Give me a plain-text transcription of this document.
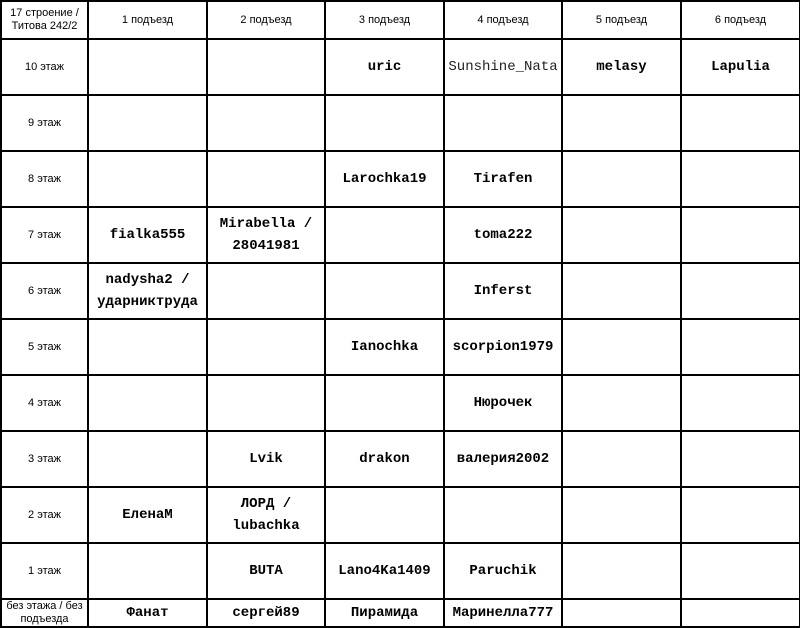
17 строение / Титова 242/2	1 подъезд	2 подъезд	3 подъезд	4 подъезд	5 подъезд	6 подъезд
10 этаж			uric	Sunshine_Nata	melasy	Lapulia
9 этаж						
8 этаж			Larochka19	Tirafen		
7 этаж	fialka555	Mirabella / 28041981		toma222		
6 этаж	nadysha2 / ударниктруда			Inferst		
5 этаж			Ianochka	scorpion1979		
4 этаж				Нюрочек		
3 этаж		Lvik	drakon	валерия2002		
2 этаж	ЕленаМ	ЛОРД / lubachka				
1 этаж		BUTA	Lano4Ka1409	Paruchik		
без этажа / без подъезда	Фанат	сергей89	Пирамида	Маринелла777		
